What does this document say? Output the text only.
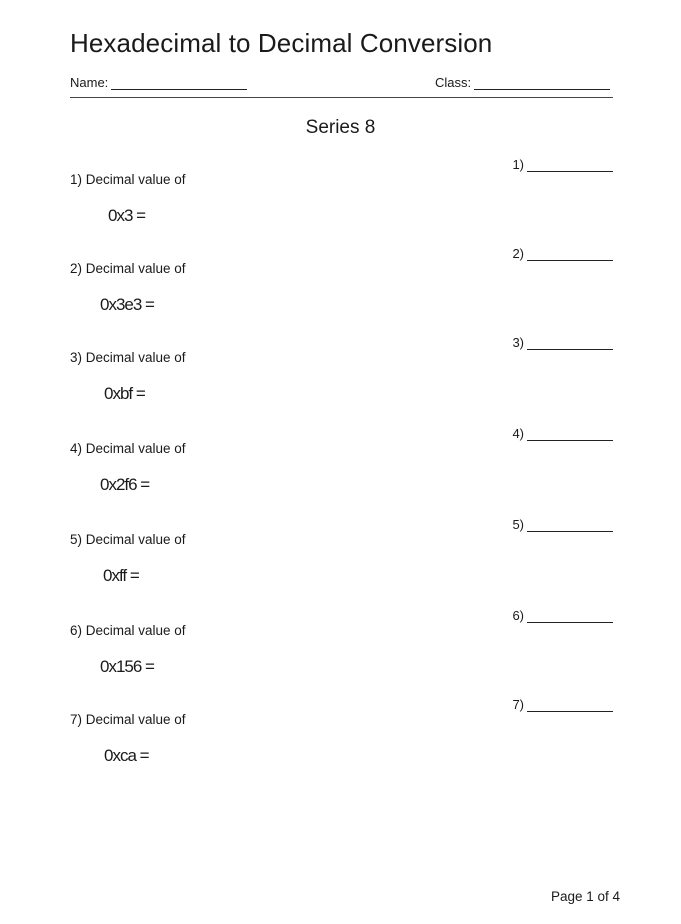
Hexadecimal to Decimal Conversion
Name:	Class:
Series 8
1)
1) Decimal value of
0x3 =
2)
2) Decimal value of
0x3e3 =
3)
3) Decimal value of
0xbf =
4)
4) Decimal value of
0x2f6 =
5)
5) Decimal value of
0xff =
6)
6) Decimal value of
0x156 =
7)
7) Decimal value of
0xca =
Page 1 of 4
